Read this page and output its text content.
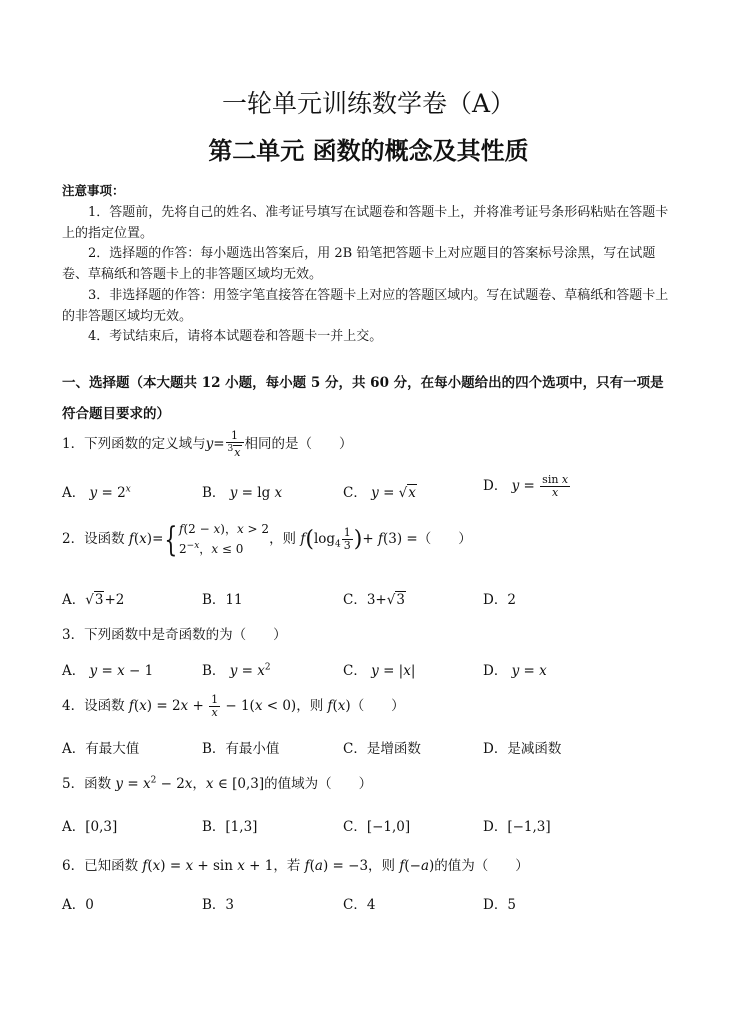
一轮单元训练数学卷（A）
第二单元 函数的概念及其性质
注意事项：
1．答题前，先将自己的姓名、准考证号填写在试题卷和答题卡上，并将准考证号条形码粘贴在答题卡上的指定位置。
2．选择题的作答：每小题选出答案后，用 2B 铅笔把答题卡上对应题目的答案标号涂黑，写在试题卷、草稿纸和答题卡上的非答题区域均无效。
3．非选择题的作答：用签字笔直接答在答题卡上对应的答题区域内。写在试题卷、草稿纸和答题卡上的非答题区域均无效。
4．考试结束后，请将本试题卷和答题卡一并上交。
一、选择题（本大题共 12 小题，每小题 5 分，共 60 分，在每小题给出的四个选项中，只有一项是
符合题目要求的）
1．下列函数的定义域与$y= \frac{1}{^3x}$ 相同的是（　　）
A． $y = 2^x$	B． y = lg x	C． y = √x	D． $y = \frac{\text{sin x}}{x}$
2．设函数 f(x)={ f(2 − x)，x > 2
$2^{-x}$，x ≤ 0
，则 $f(\log_4 \frac{1}{3}$ )+ f(3) =（　　）
A．√3+2	B．11	C．3+√3	D．2
3．下列函数中是奇函数的为（　　）
A． y = x − 1	B． $y = x^2$	C． y = |x|	D． y = x
4．设函数 $f(x) = 2x + \frac{1}{x} - 1(x < 0)$，则 f(x)（　　）
A．有最大值	B．有最小值	C．是增函数	D．是减函数
5．函数 $y = x^2 - 2x$，x ∈ [0,3]的值域为（　　）
A．[0,3]	B．[1,3]	C．[−1,0]	D．[−1,3]
6．已知函数 f(x) = x + sin x + 1，若 f(a) = −3，则 f(−a)的值为（　　）
A．0	B．3	C．4	D．5
